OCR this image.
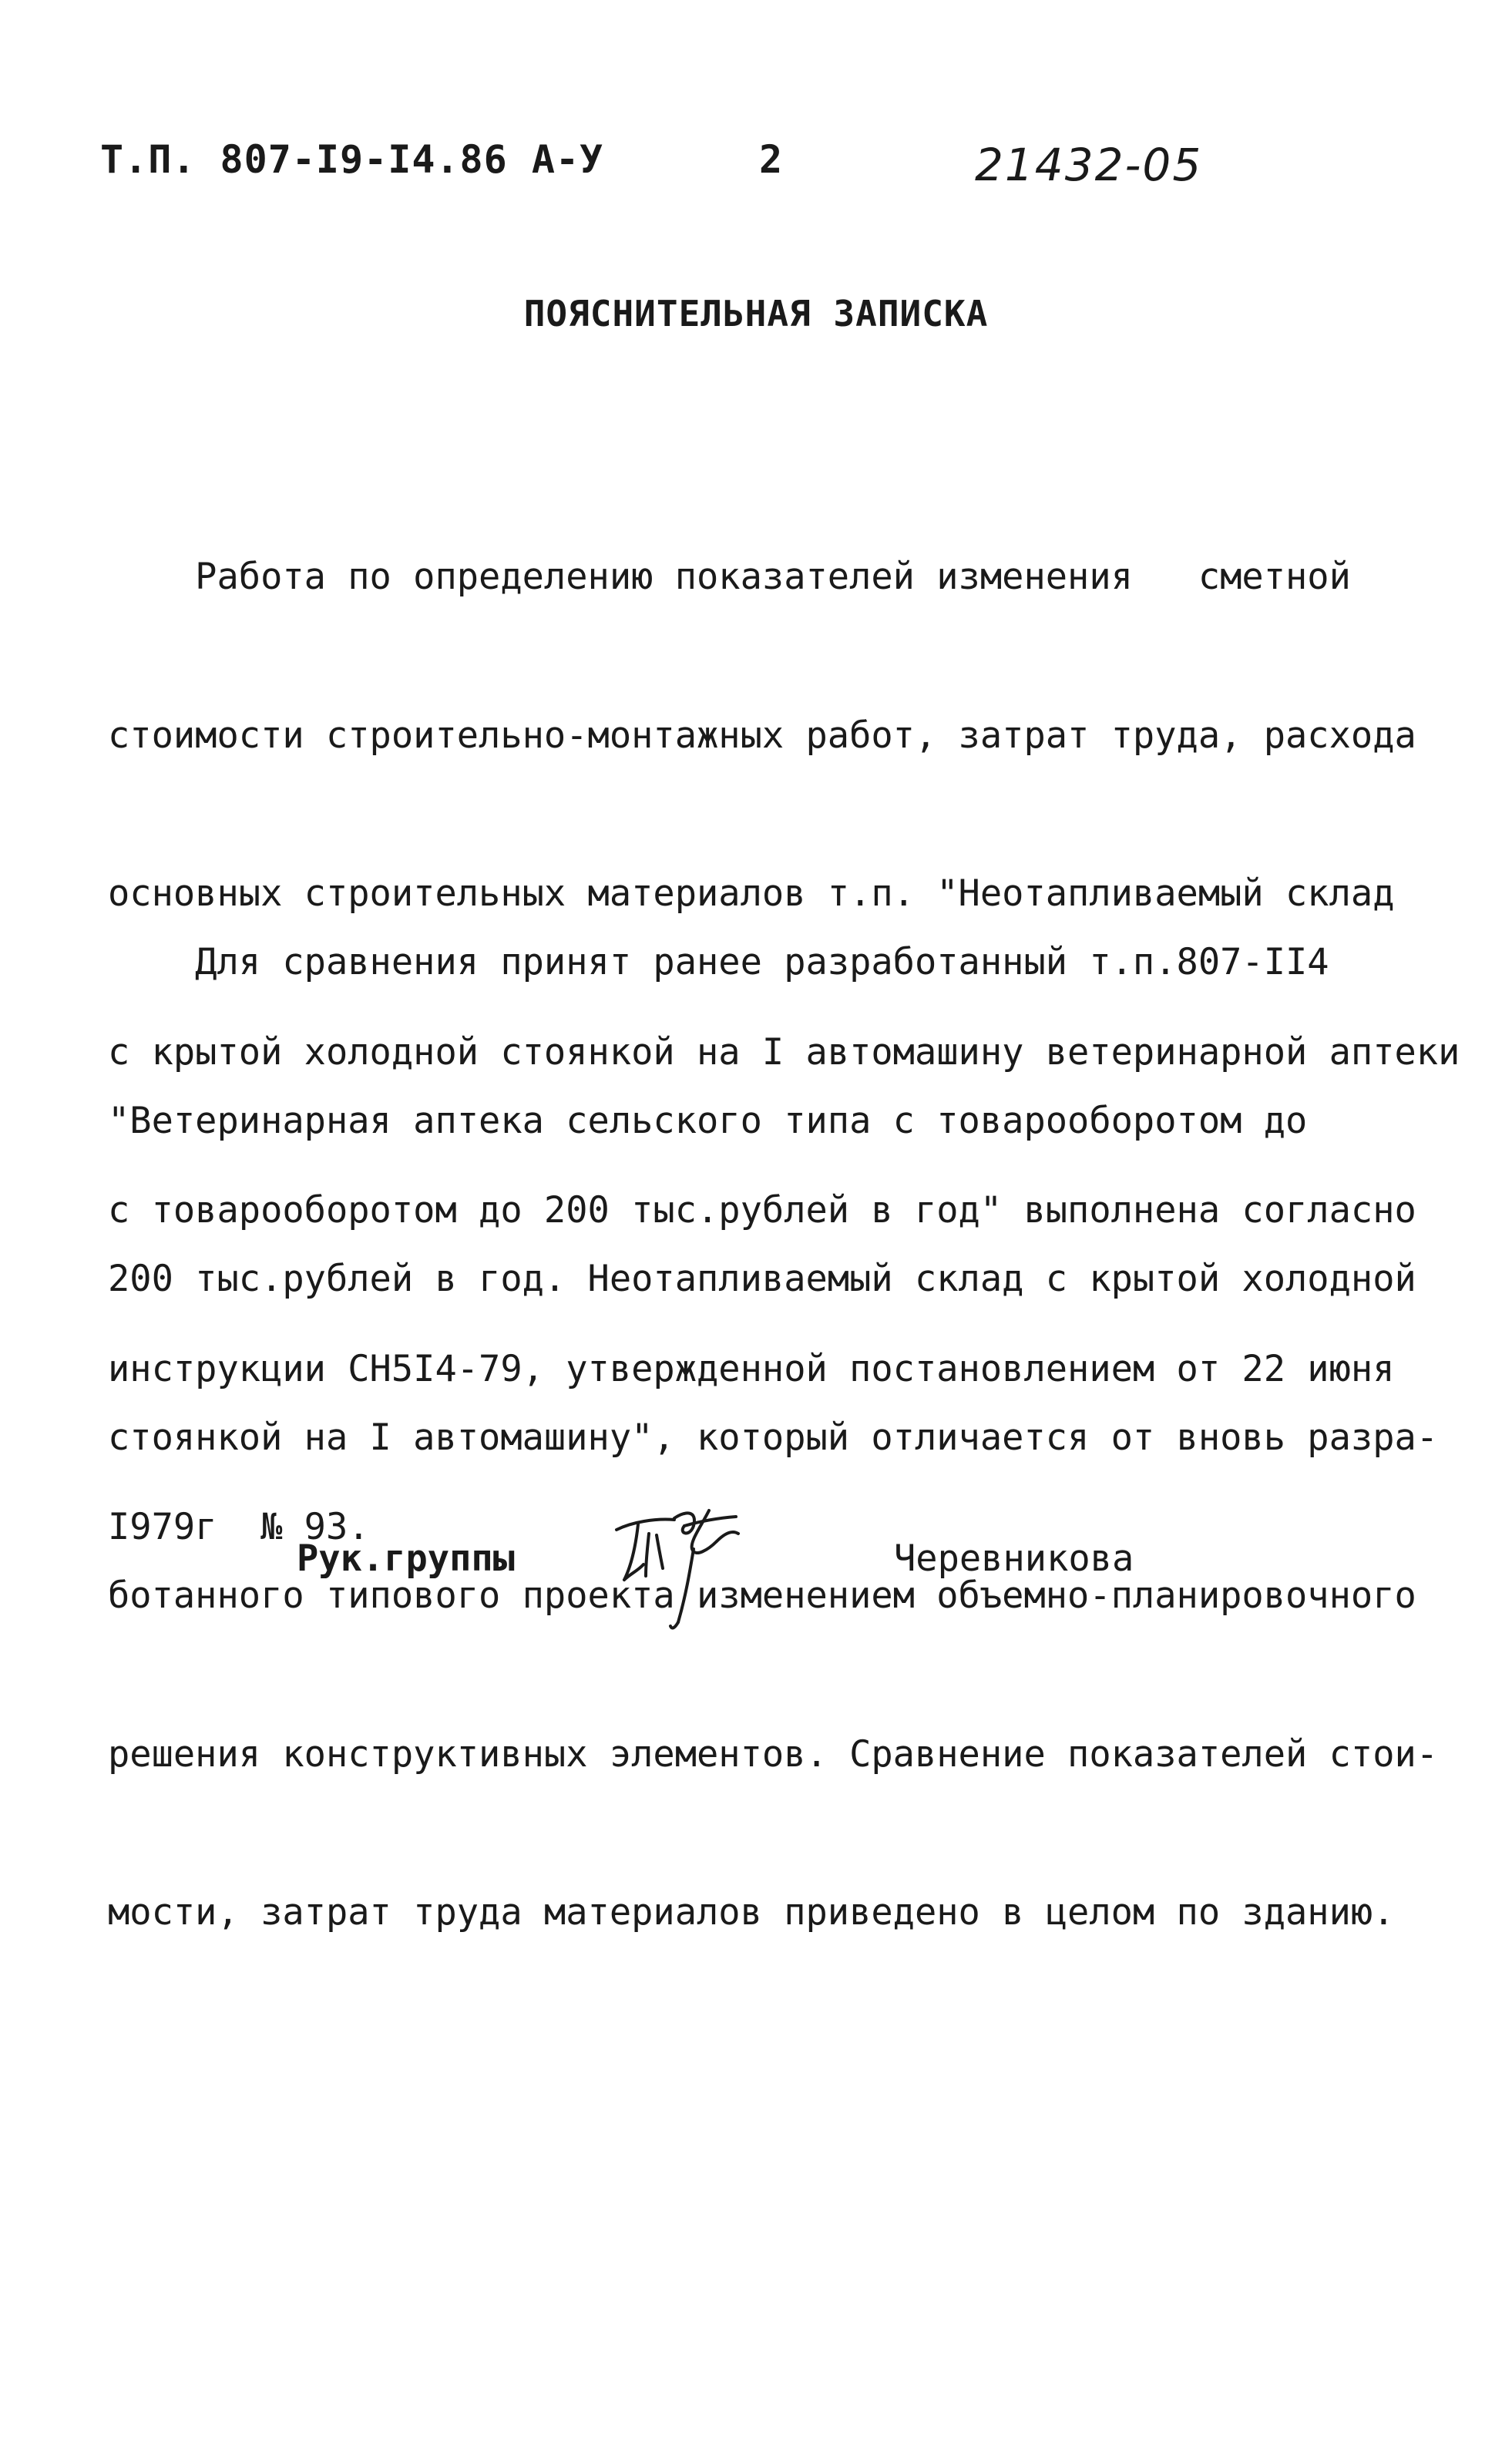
Т.П. 807-I9-I4.86 А-У	2	21432-05
ПОЯСНИТЕЛЬНАЯ ЗАПИСКА

Работа по определению показателей изменения   сметной

стоимости строительно-монтажных работ, затрат труда, расхода

основных строительных материалов т.п. "Неотапливаемый склад

с крытой холодной стоянкой на I автомашину ветеринарной аптеки

с товарооборотом до 200 тыс.рублей в год" выполнена согласно

инструкции СН5I4-79, утвержденной постановлением от 22 июня

I979г  № 93.

Для сравнения принят ранее разработанный т.п.807-II4

"Ветеринарная аптека сельского типа с товарооборотом до

200 тыс.рублей в год. Неотапливаемый склад с крытой холодной

стоянкой на I автомашину", который отличается от вновь разра-

ботанного типового проекта изменением объемно-планировочного

решения конструктивных элементов. Сравнение показателей стои-

мости, затрат труда материалов приведено в целом по зданию.

Рук.группы	Черевникова
